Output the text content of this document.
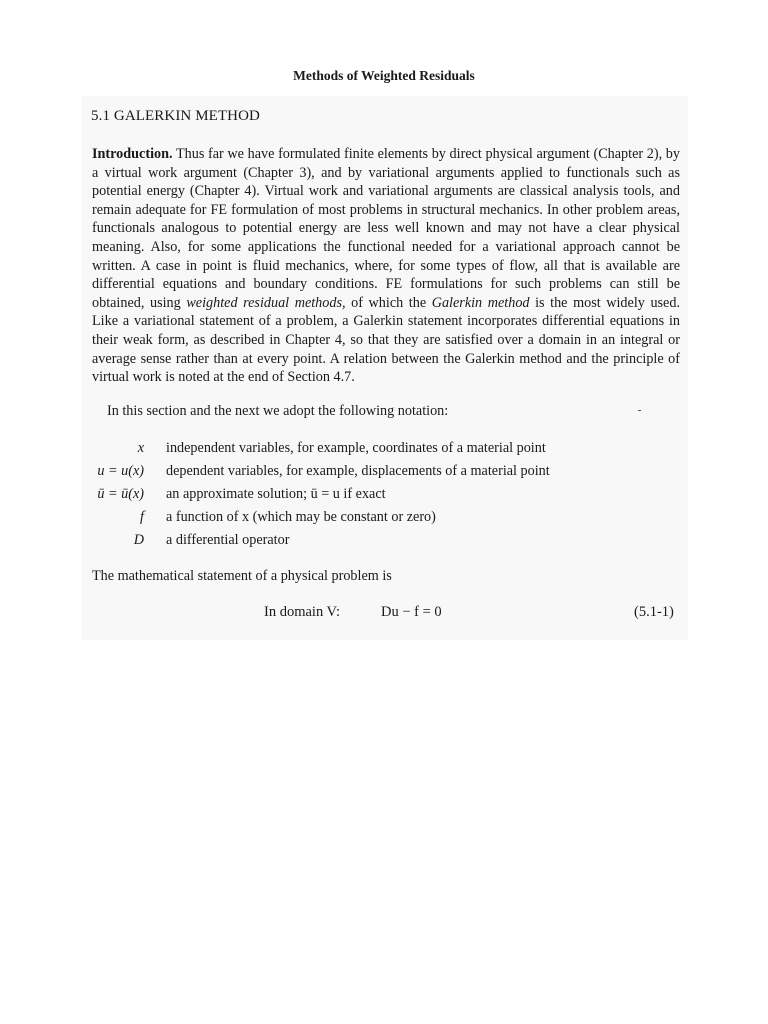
Methods of Weighted Residuals
5.1 GALERKIN METHOD
Introduction. Thus far we have formulated finite elements by direct physical argument (Chapter 2), by a virtual work argument (Chapter 3), and by variational arguments applied to functionals such as potential energy (Chapter 4). Virtual work and variational arguments are classical analysis tools, and remain adequate for FE formulation of most problems in structural mechanics. In other problem areas, functionals analogous to potential energy are less well known and may not have a clear physical meaning. Also, for some applications the functional needed for a variational approach cannot be written. A case in point is fluid mechanics, where, for some types of flow, all that is available are differential equations and boundary conditions. FE formulations for such problems can still be obtained, using weighted residual methods, of which the Galerkin method is the most widely used. Like a variational statement of a problem, a Galerkin statement incorporates differential equations in their weak form, as described in Chapter 4, so that they are satisfied over a domain in an integral or average sense rather than at every point. A relation between the Galerkin method and the principle of virtual work is noted at the end of Section 4.7.
In this section and the next we adopt the following notation:
x independent variables, for example, coordinates of a material point
u = u(x) dependent variables, for example, displacements of a material point
ū = ū(x) an approximate solution; ū = u if exact
f a function of x (which may be constant or zero)
D a differential operator
The mathematical statement of a physical problem is
In domain V:	Du − f = 0	(5.1-1)
